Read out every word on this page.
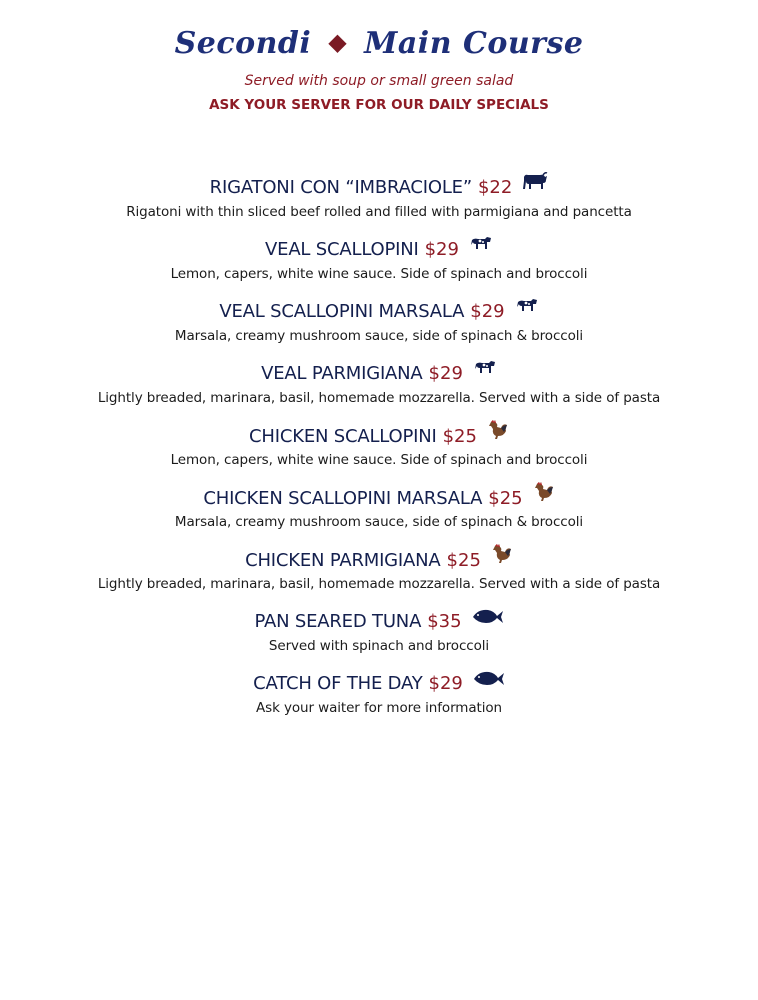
Secondi ◆ Main Course
Served with soup or small green salad
ASK YOUR SERVER FOR OUR DAILY SPECIALS
RIGATONI CON “IMBRACIOLE” $22
Rigatoni with thin sliced beef rolled and filled with parmigiana and pancetta
VEAL SCALLOPINI $29
Lemon, capers, white wine sauce. Side of spinach and broccoli
VEAL SCALLOPINI MARSALA $29
Marsala, creamy mushroom sauce, side of spinach & broccoli
VEAL PARMIGIANA $29
Lightly breaded, marinara, basil, homemade mozzarella. Served with a side of pasta
CHICKEN SCALLOPINI $25
Lemon, capers, white wine sauce. Side of spinach and broccoli
CHICKEN SCALLOPINI MARSALA $25
Marsala, creamy mushroom sauce, side of spinach & broccoli
CHICKEN PARMIGIANA $25
Lightly breaded, marinara, basil, homemade mozzarella. Served with a side of pasta
PAN SEARED TUNA $35
Served with spinach and broccoli
CATCH OF THE DAY $29
Ask your waiter for more information
